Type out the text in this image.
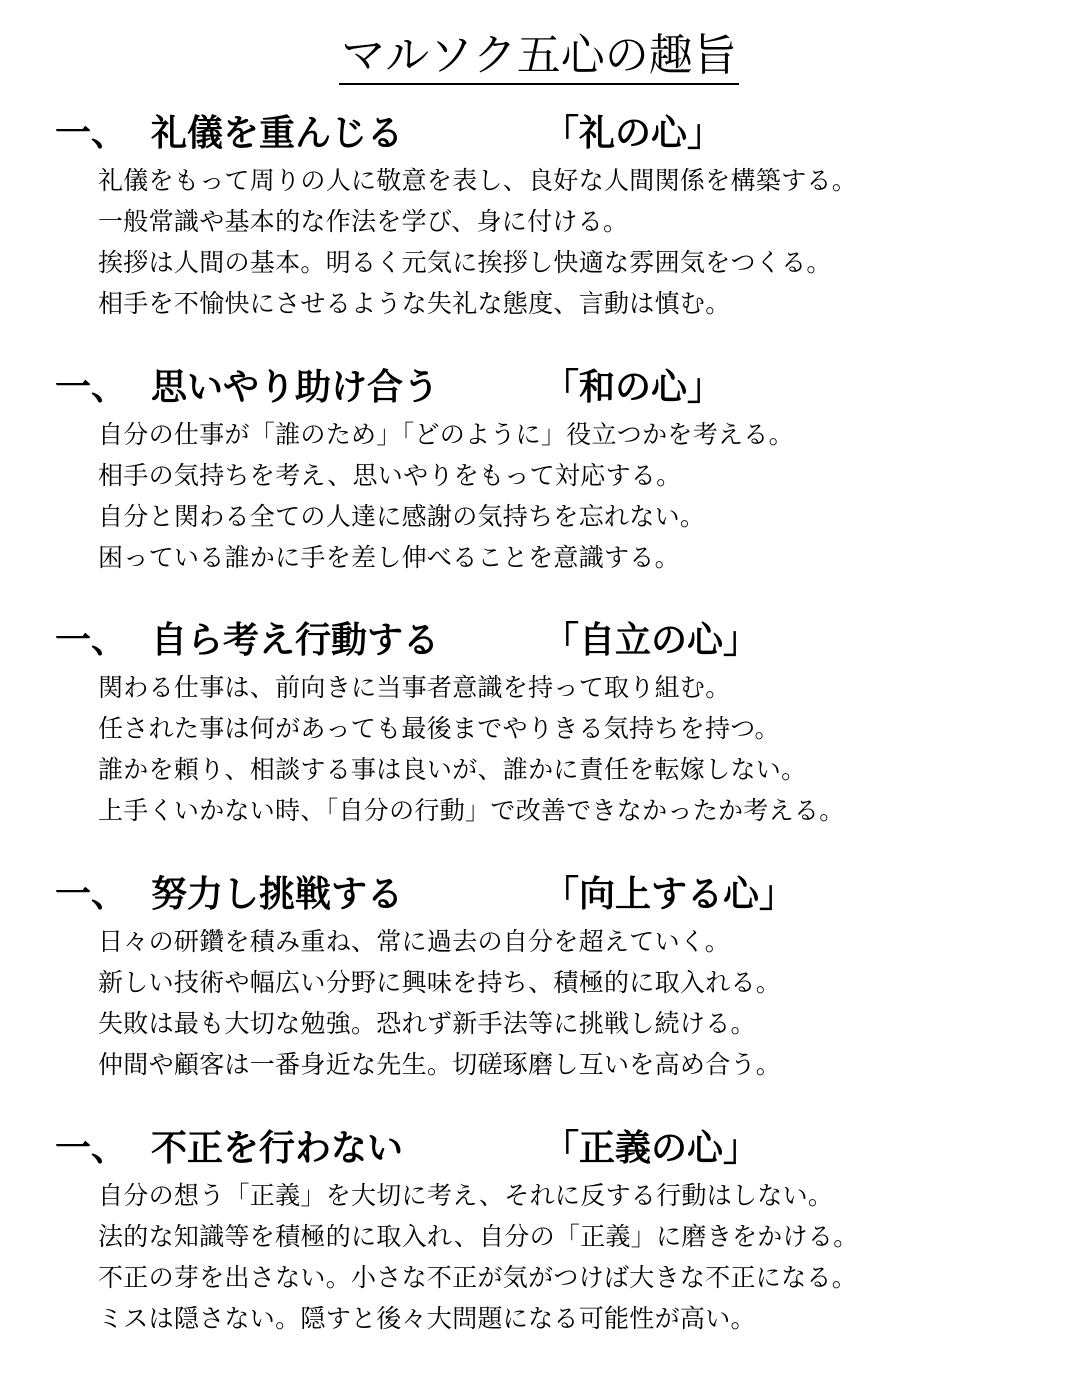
マルソク五心の趣旨
一、 礼儀を重んじる	「礼の心」
礼儀をもって周りの人に敬意を表し、良好な人間関係を構築する。
一般常識や基本的な作法を学び、身に付ける。
挨拶は人間の基本。明るく元気に挨拶し快適な雰囲気をつくる。
相手を不愉快にさせるような失礼な態度、言動は慎む。
一、 思いやり助け合う	「和の心」
自分の仕事が「誰のため」「どのように」役立つかを考える。
相手の気持ちを考え、思いやりをもって対応する。
自分と関わる全ての人達に感謝の気持ちを忘れない。
困っている誰かに手を差し伸べることを意識する。
一、 自ら考え行動する	「自立の心」
関わる仕事は、前向きに当事者意識を持って取り組む。
任された事は何があっても最後までやりきる気持ちを持つ。
誰かを頼り、相談する事は良いが、誰かに責任を転嫁しない。
上手くいかない時、「自分の行動」で改善できなかったか考える。
一、 努力し挑戦する	「向上する心」
日々の研鑽を積み重ね、常に過去の自分を超えていく。
新しい技術や幅広い分野に興味を持ち、積極的に取入れる。
失敗は最も大切な勉強。恐れず新手法等に挑戦し続ける。
仲間や顧客は一番身近な先生。切磋琢磨し互いを高め合う。
一、 不正を行わない	「正義の心」
自分の想う「正義」を大切に考え、それに反する行動はしない。
法的な知識等を積極的に取入れ、自分の「正義」に磨きをかける。
不正の芽を出さない。小さな不正が気がつけば大きな不正になる。
ミスは隠さない。隠すと後々大問題になる可能性が高い。
